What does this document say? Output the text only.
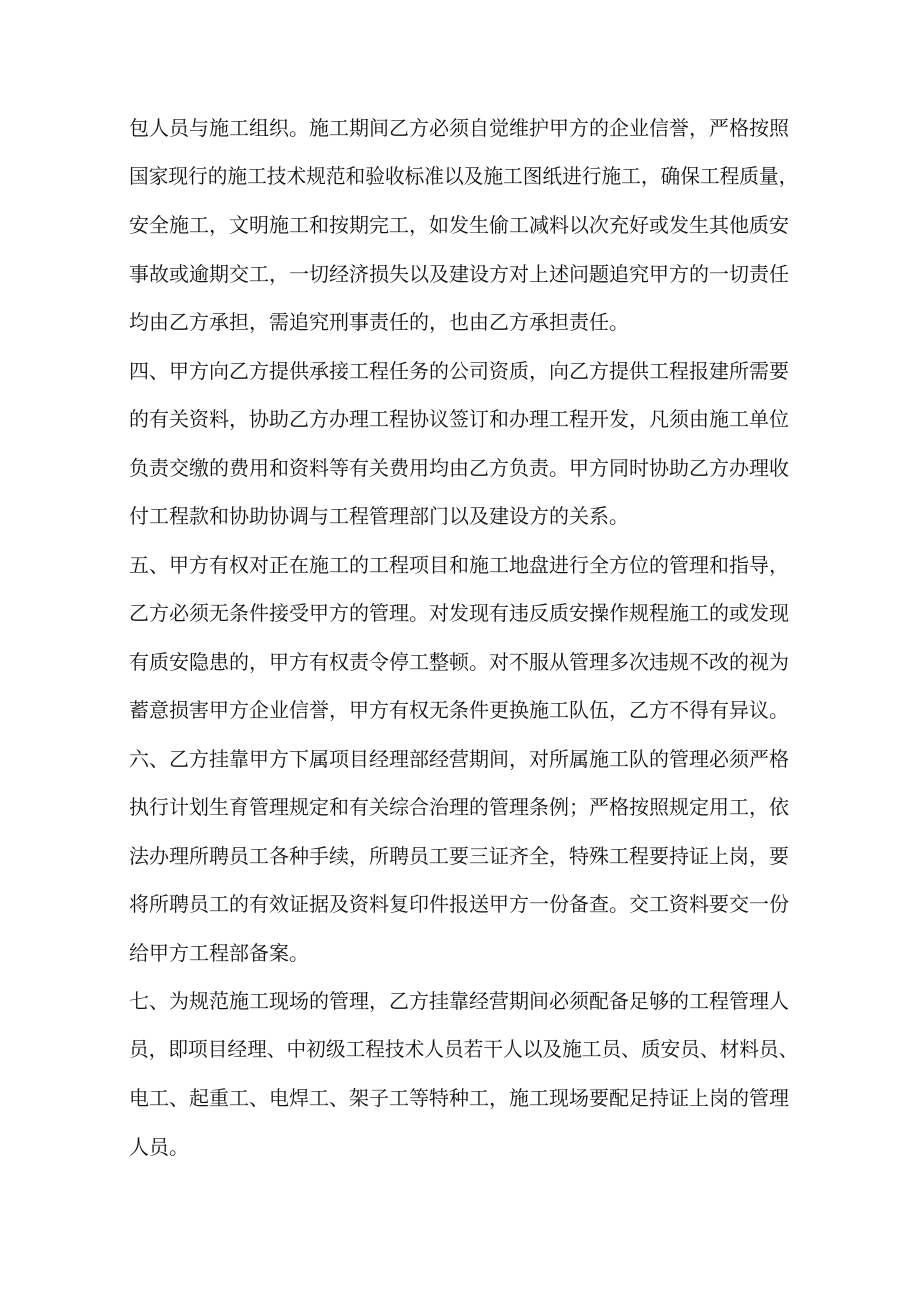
包人员与施工组织。施工期间乙方必须自觉维护甲方的企业信誉，严格按照
国家现行的施工技术规范和验收标准以及施工图纸进行施工，确保工程质量，
安全施工，文明施工和按期完工，如发生偷工减料以次充好或发生其他质安
事故或逾期交工，一切经济损失以及建设方对上述问题追究甲方的一切责任
均由乙方承担，需追究刑事责任的，也由乙方承担责任。
四、甲方向乙方提供承接工程任务的公司资质，向乙方提供工程报建所需要
的有关资料，协助乙方办理工程协议签订和办理工程开发，凡须由施工单位
负责交缴的费用和资料等有关费用均由乙方负责。甲方同时协助乙方办理收
付工程款和协助协调与工程管理部门以及建设方的关系。
五、甲方有权对正在施工的工程项目和施工地盘进行全方位的管理和指导，
乙方必须无条件接受甲方的管理。对发现有违反质安操作规程施工的或发现
有质安隐患的，甲方有权责令停工整顿。对不服从管理多次违规不改的视为
蓄意损害甲方企业信誉，甲方有权无条件更换施工队伍，乙方不得有异议。
六、乙方挂靠甲方下属项目经理部经营期间，对所属施工队的管理必须严格
执行计划生育管理规定和有关综合治理的管理条例；严格按照规定用工，依
法办理所聘员工各种手续，所聘员工要三证齐全，特殊工程要持证上岗，要
将所聘员工的有效证据及资料复印件报送甲方一份备查。交工资料要交一份
给甲方工程部备案。
七、为规范施工现场的管理，乙方挂靠经营期间必须配备足够的工程管理人
员，即项目经理、中初级工程技术人员若干人以及施工员、质安员、材料员、
电工、起重工、电焊工、架子工等特种工，施工现场要配足持证上岗的管理
人员。
